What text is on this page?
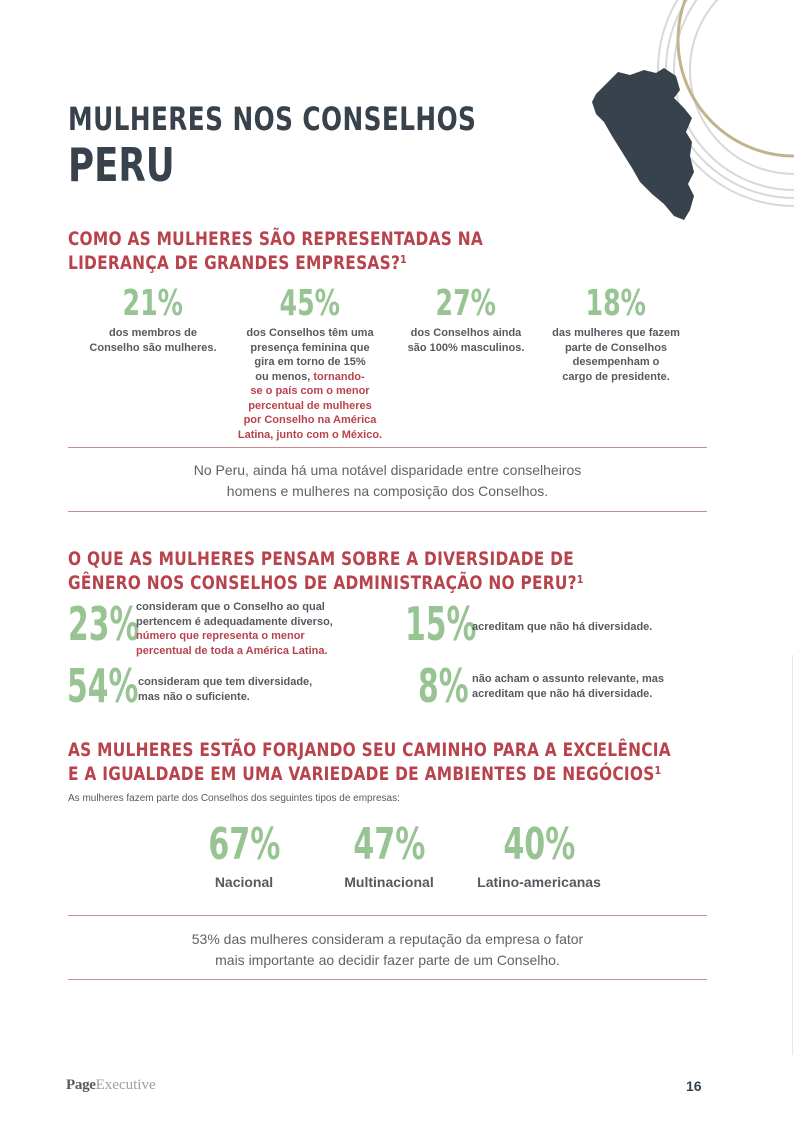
MULHERES NOS CONSELHOS
PERU
COMO AS MULHERES SÃO REPRESENTADAS NA
LIDERANÇA DE GRANDES EMPRESAS?¹
21%
dos membros de
Conselho são mulheres.
45%
dos Conselhos têm uma
presença feminina que
gira em torno de 15%
ou menos, tornando-
se o país com o menor
percentual de mulheres
por Conselho na América
Latina, junto com o México.
27%
dos Conselhos ainda
são 100% masculinos.
18%
das mulheres que fazem
parte de Conselhos
desempenham o
cargo de presidente.
No Peru, ainda há uma notável disparidade entre conselheiros
homens e mulheres na composição dos Conselhos.
O QUE AS MULHERES PENSAM SOBRE A DIVERSIDADE DE
GÊNERO NOS CONSELHOS DE ADMINISTRAÇÃO NO PERU?¹
23%
consideram que o Conselho ao qual
pertencem é adequadamente diverso,
número que representa o menor
percentual de toda a América Latina. 15%
acreditam que não há diversidade.
54% consideram que tem diversidade,
mas não o suficiente.	8% não acham o assunto relevante, mas
acreditam que não há diversidade.
AS MULHERES ESTÃO FORJANDO SEU CAMINHO PARA A EXCELÊNCIA
E A IGUALDADE EM UMA VARIEDADE DE AMBIENTES DE NEGÓCIOS¹
As mulheres fazem parte dos Conselhos dos seguintes tipos de empresas:
67%
Nacional
47%
Multinacional
40%
Latino-americanas
53% das mulheres consideram a reputação da empresa o fator
mais importante ao decidir fazer parte de um Conselho.
PageExecutive	16
